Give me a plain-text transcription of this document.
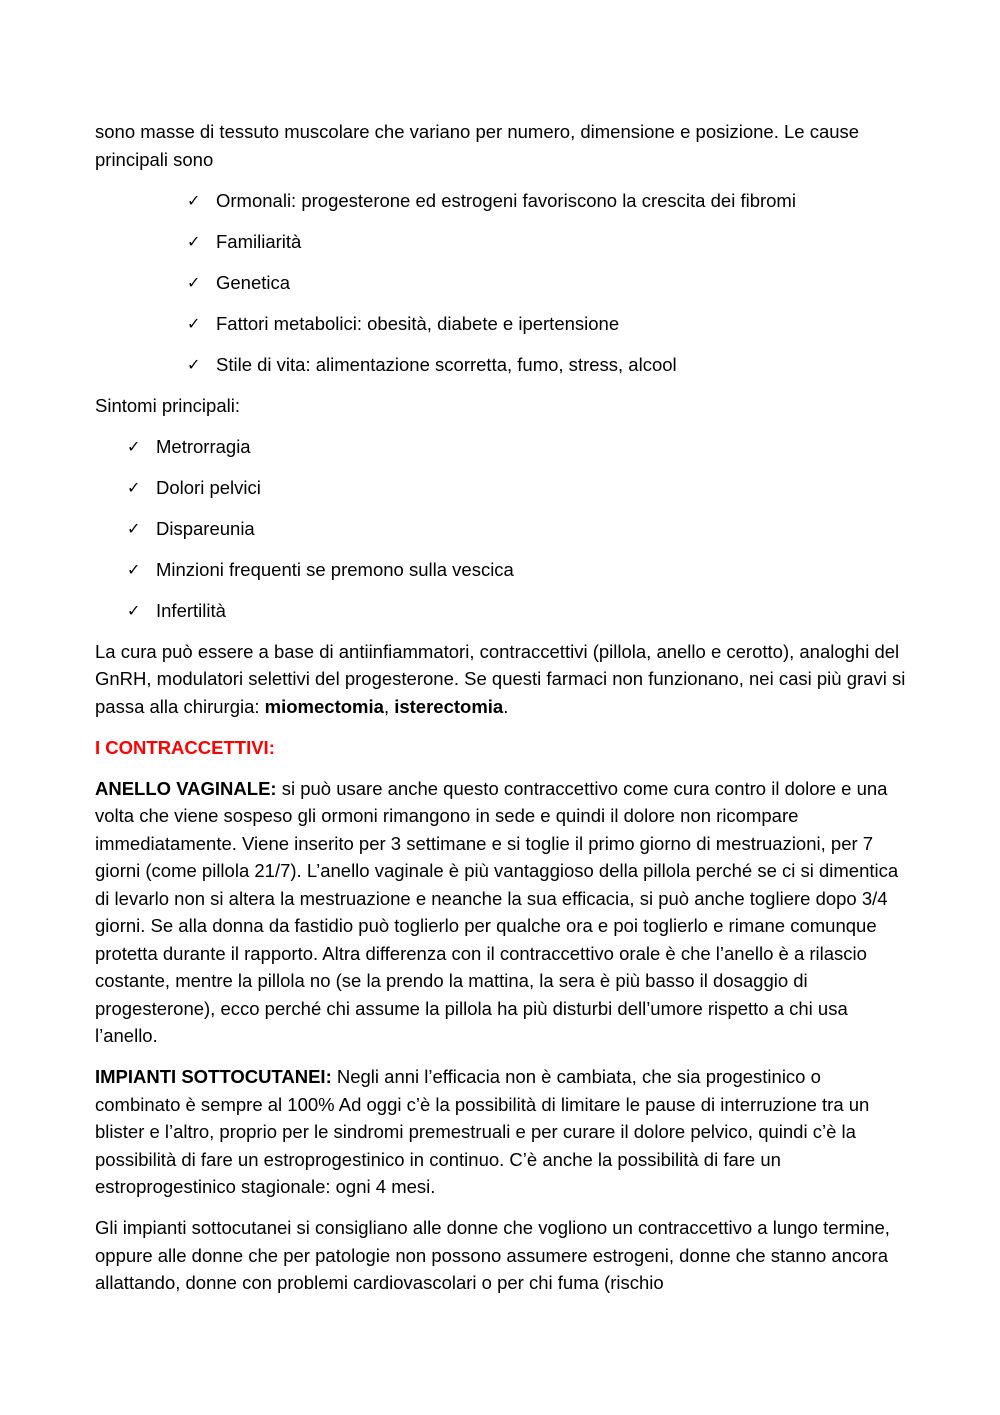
sono masse di tessuto muscolare che variano per numero, dimensione e posizione. Le cause principali sono

✓ Ormonali: progesterone ed estrogeni favoriscono la crescita dei fibromi
✓ Familiarità
✓ Genetica
✓ Fattori metabolici: obesità, diabete e ipertensione
✓ Stile di vita: alimentazione scorretta, fumo, stress, alcool

Sintomi principali:

✓ Metrorragia
✓ Dolori pelvici
✓ Dispareunia
✓ Minzioni frequenti se premono sulla vescica
✓ Infertilità

La cura può essere a base di antiinfiammatori, contraccettivi (pillola, anello e cerotto), analoghi del GnRH, modulatori selettivi del progesterone. Se questi farmaci non funzionano, nei casi più gravi si passa alla chirurgia: miomectomia, isterectomia.

I CONTRACCETTIVI:

ANELLO VAGINALE: si può usare anche questo contraccettivo come cura contro il dolore e una volta che viene sospeso gli ormoni rimangono in sede e quindi il dolore non ricompare immediatamente. Viene inserito per 3 settimane e si toglie il primo giorno di mestruazioni, per 7 giorni (come pillola 21/7). L’anello vaginale è più vantaggioso della pillola perché se ci si dimentica di levarlo non si altera la mestruazione e neanche la sua efficacia, si può anche togliere dopo 3/4 giorni. Se alla donna da fastidio può toglierlo per qualche ora e poi toglierlo e rimane comunque protetta durante il rapporto. Altra differenza con il contraccettivo orale è che l’anello è a rilascio costante, mentre la pillola no (se la prendo la mattina, la sera è più basso il dosaggio di progesterone), ecco perché chi assume la pillola ha più disturbi dell’umore rispetto a chi usa l’anello.

IMPIANTI SOTTOCUTANEI: Negli anni l’efficacia non è cambiata, che sia progestinico o combinato è sempre al 100% Ad oggi c’è la possibilità di limitare le pause di interruzione tra un blister e l’altro, proprio per le sindromi premestruali e per curare il dolore pelvico, quindi c’è la possibilità di fare un estroprogestinico in continuo. C’è anche la possibilità di fare un estroprogestinico stagionale: ogni 4 mesi.

Gli impianti sottocutanei si consigliano alle donne che vogliono un contraccettivo a lungo termine, oppure alle donne che per patologie non possono assumere estrogeni, donne che stanno ancora allattando, donne con problemi cardiovascolari o per chi fuma (rischio
